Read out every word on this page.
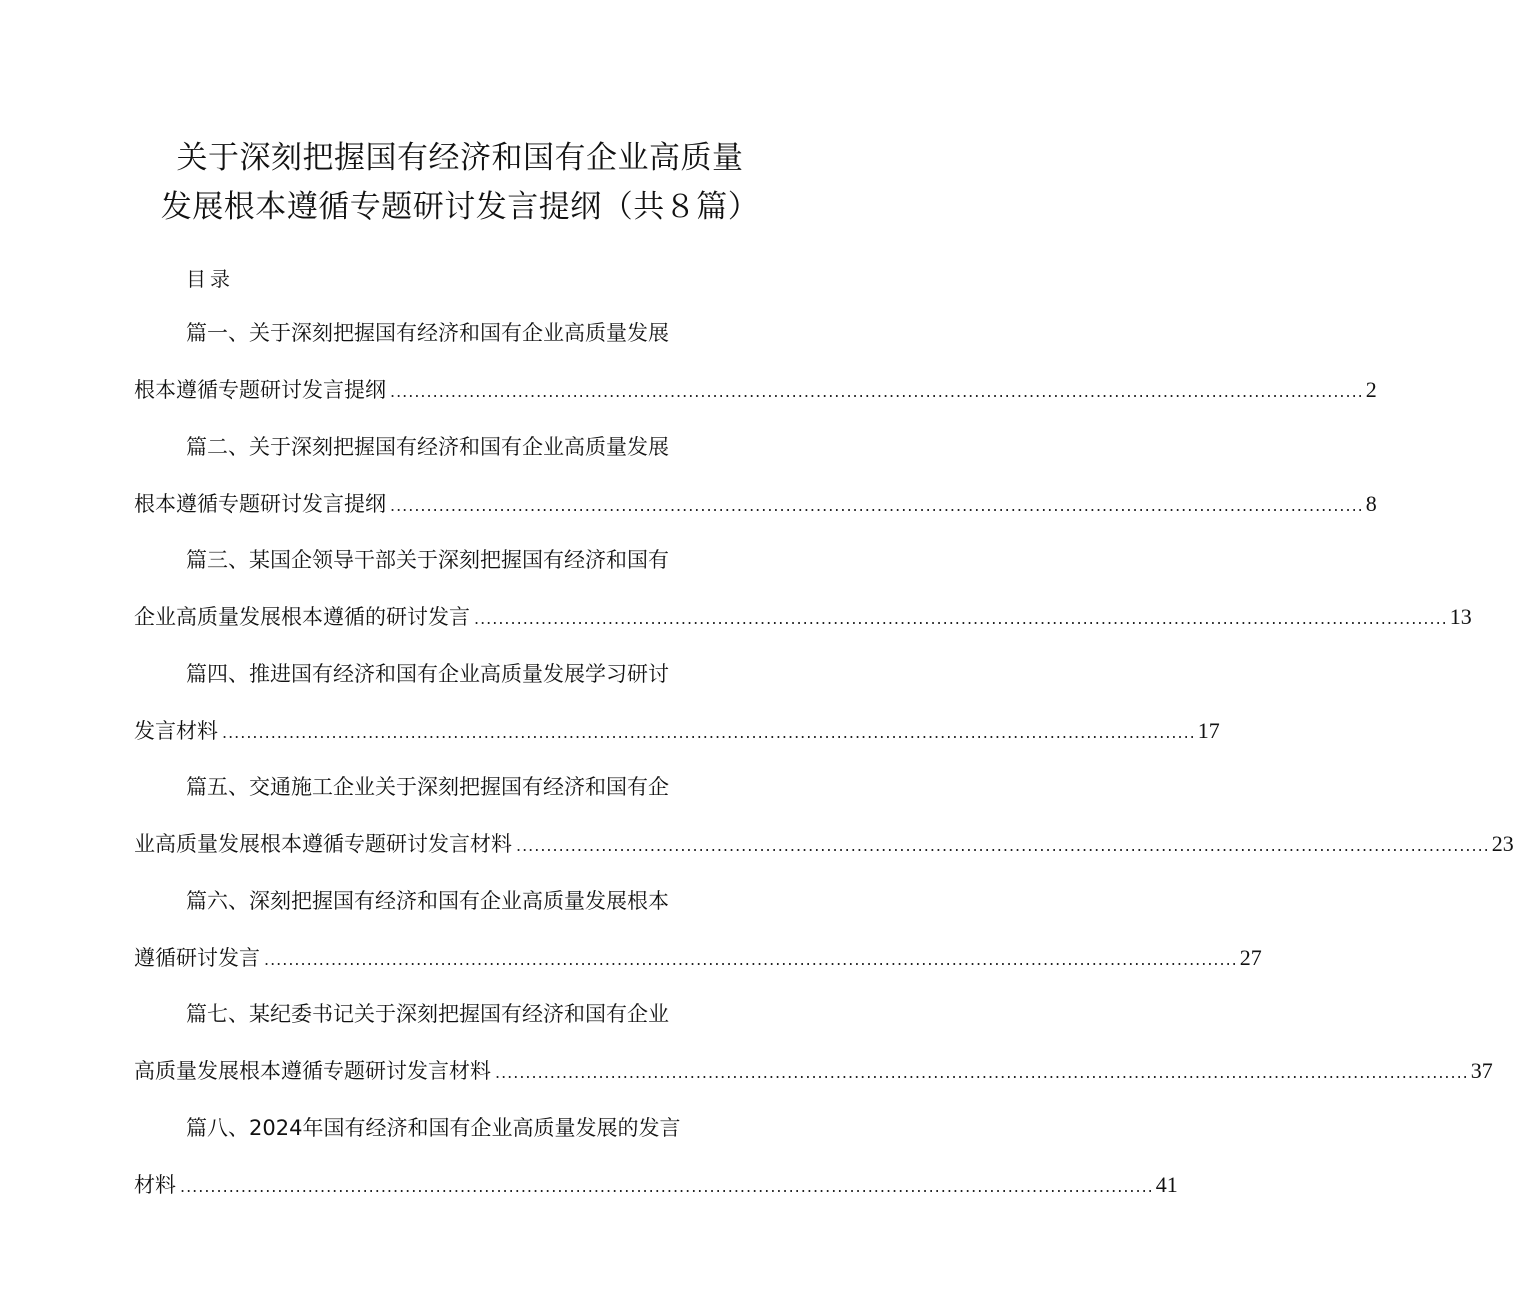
关于深刻把握国有经济和国有企业高质量
发展根本遵循专题研讨发言提纲（共８篇）
目录
篇一、关于深刻把握国有经济和国有企业高质量发展
根本遵循专题研讨发言提纲 ................................................................................................................................................................ 2
篇二、关于深刻把握国有经济和国有企业高质量发展
根本遵循专题研讨发言提纲 ................................................................................................................................................................ 8
篇三、某国企领导干部关于深刻把握国有经济和国有
企业高质量发展根本遵循的研讨发言 ................................................................................................................................................................ 13
篇四、推进国有经济和国有企业高质量发展学习研讨
发言材料 ................................................................................................................................................................ 17
篇五、交通施工企业关于深刻把握国有经济和国有企
业高质量发展根本遵循专题研讨发言材料 ................................................................................................................................................................ 23
篇六、深刻把握国有经济和国有企业高质量发展根本
遵循研讨发言 ................................................................................................................................................................ 27
篇七、某纪委书记关于深刻把握国有经济和国有企业
高质量发展根本遵循专题研讨发言材料 ................................................................................................................................................................ 37
篇八、2024年国有经济和国有企业高质量发展的发言
材料 ................................................................................................................................................................ 41
